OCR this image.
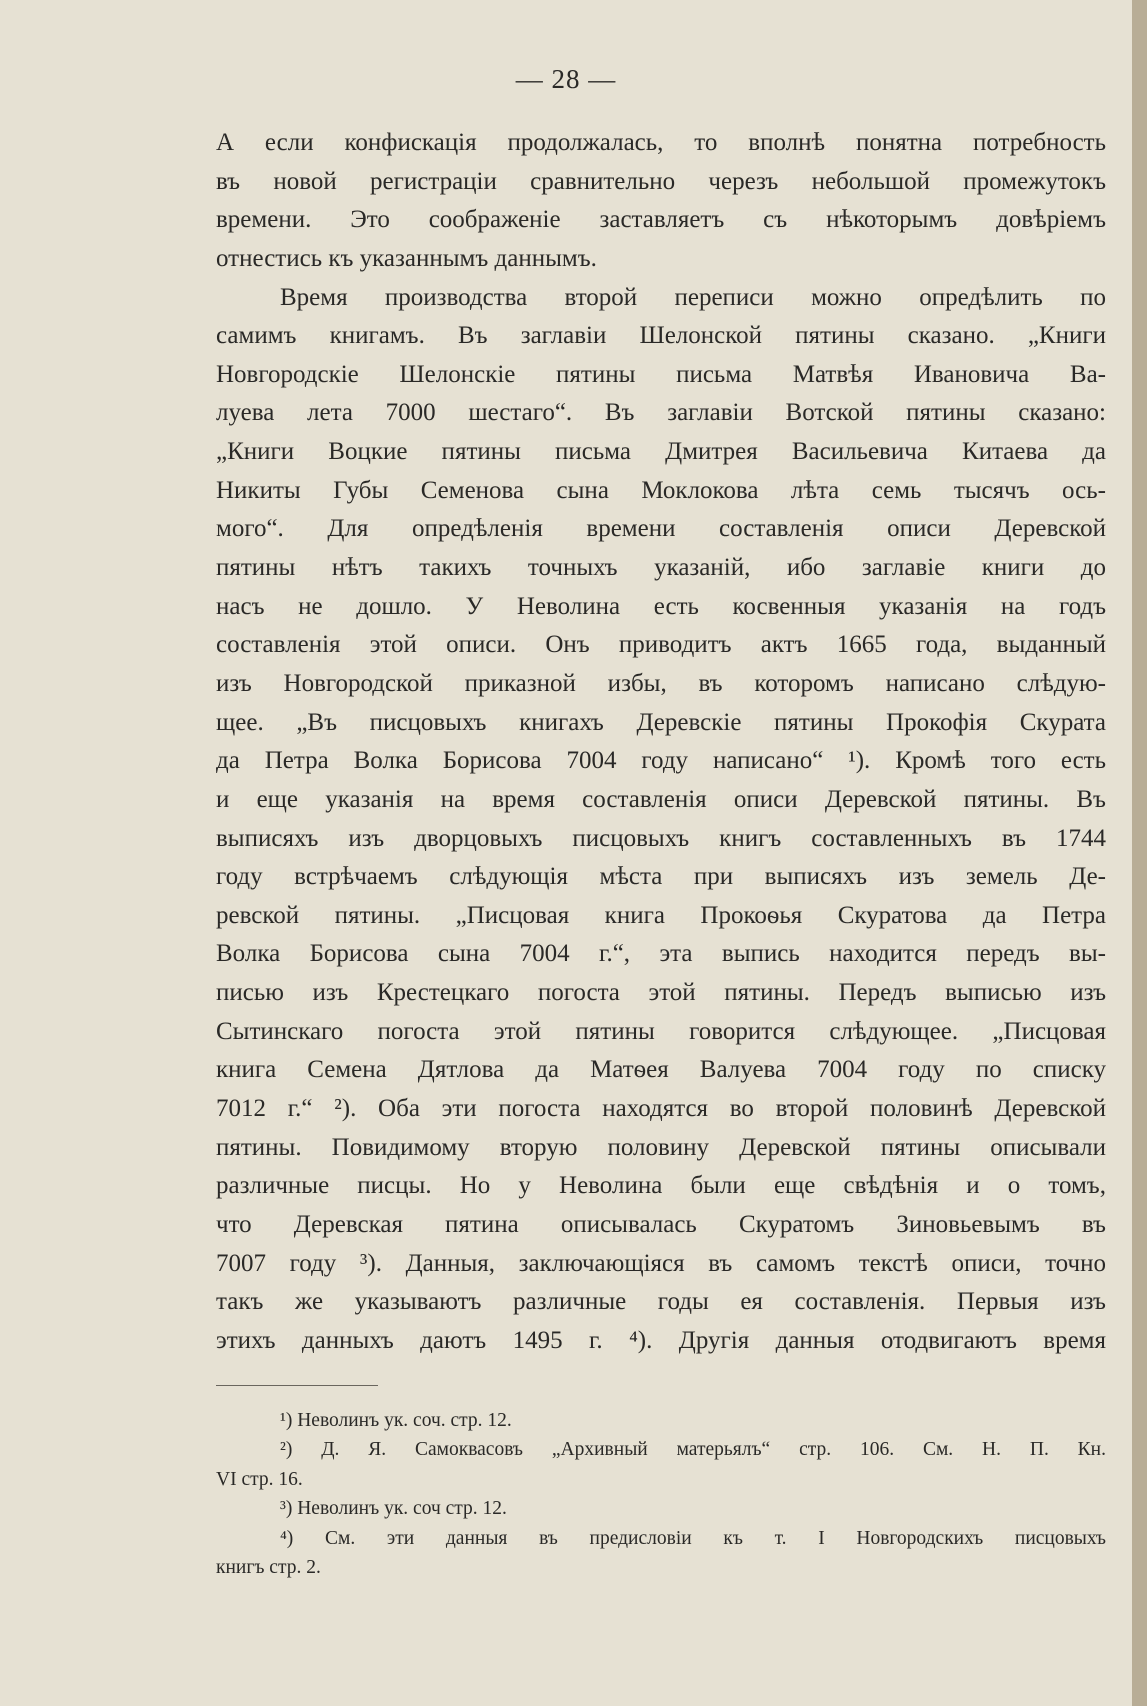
— 28 —
А если конфискація продолжалась, то вполнѣ понятна потребность
въ новой регистраціи сравнительно черезъ небольшой промежутокъ
времени. Это соображеніе заставляетъ съ нѣкоторымъ довѣріемъ
отнестись къ указаннымъ даннымъ.
Время производства второй переписи можно опредѣлить по
самимъ книгамъ. Въ заглавіи Шелонской пятины сказано. „Книги
Новгородскіе Шелонскіе пятины письма Матвѣя Ивановича Ва-
луева лета 7000 шестаго“. Въ заглавіи Вотской пятины сказано:
„Книги Воцкие пятины письма Дмитрея Васильевича Китаева да
Никиты Губы Семенова сына Моклокова лѣта семь тысячъ ось-
мого“. Для опредѣленія времени составленія описи Деревской
пятины нѣтъ такихъ точныхъ указаній, ибо заглавіе книги до
насъ не дошло. У Неволина есть косвенныя указанія на годъ
составленія этой описи. Онъ приводитъ актъ 1665 года, выданный
изъ Новгородской приказной избы, въ которомъ написано слѣдую-
щее. „Въ писцовыхъ книгахъ Деревскіе пятины Прокофія Скурата
да Петра Волка Борисова 7004 году написано“ ¹). Кромѣ того есть
и еще указанія на время составленія описи Деревской пятины. Въ
выписяхъ изъ дворцовыхъ писцовыхъ книгъ составленныхъ въ 1744
году встрѣчаемъ слѣдующія мѣста при выписяхъ изъ земель Де-
ревской пятины. „Писцовая книга Прокоѳья Скуратова да Петра
Волка Борисова сына 7004 г.“, эта выпись находится передъ вы-
писью изъ Крестецкаго погоста этой пятины. Передъ выписью изъ
Сытинскаго погоста этой пятины говорится слѣдующее. „Писцовая
книга Семена Дятлова да Матѳея Валуева 7004 году по списку
7012 г.“ ²). Оба эти погоста находятся во второй половинѣ Деревской
пятины. Повидимому вторую половину Деревской пятины описывали
различные писцы. Но у Неволина были еще свѣдѣнія и о томъ,
что Деревская пятина описывалась Скуратомъ Зиновьевымъ въ
7007 году ³). Данныя, заключающіяся въ самомъ текстѣ описи, точно
такъ же указываютъ различные годы ея составленія. Первыя изъ
этихъ данныхъ даютъ 1495 г. ⁴). Другія данныя отодвигаютъ время
¹) Неволинъ ук. соч. стр. 12.
²) Д. Я. Самоквасовъ „Архивный матерьялъ“ стр. 106. См. Н. П. Кн.
VI стр. 16.
³) Неволинъ ук. соч стр. 12.
⁴) См. эти данныя въ предисловіи къ т. I Новгородскихъ писцовыхъ
книгъ стр. 2.
